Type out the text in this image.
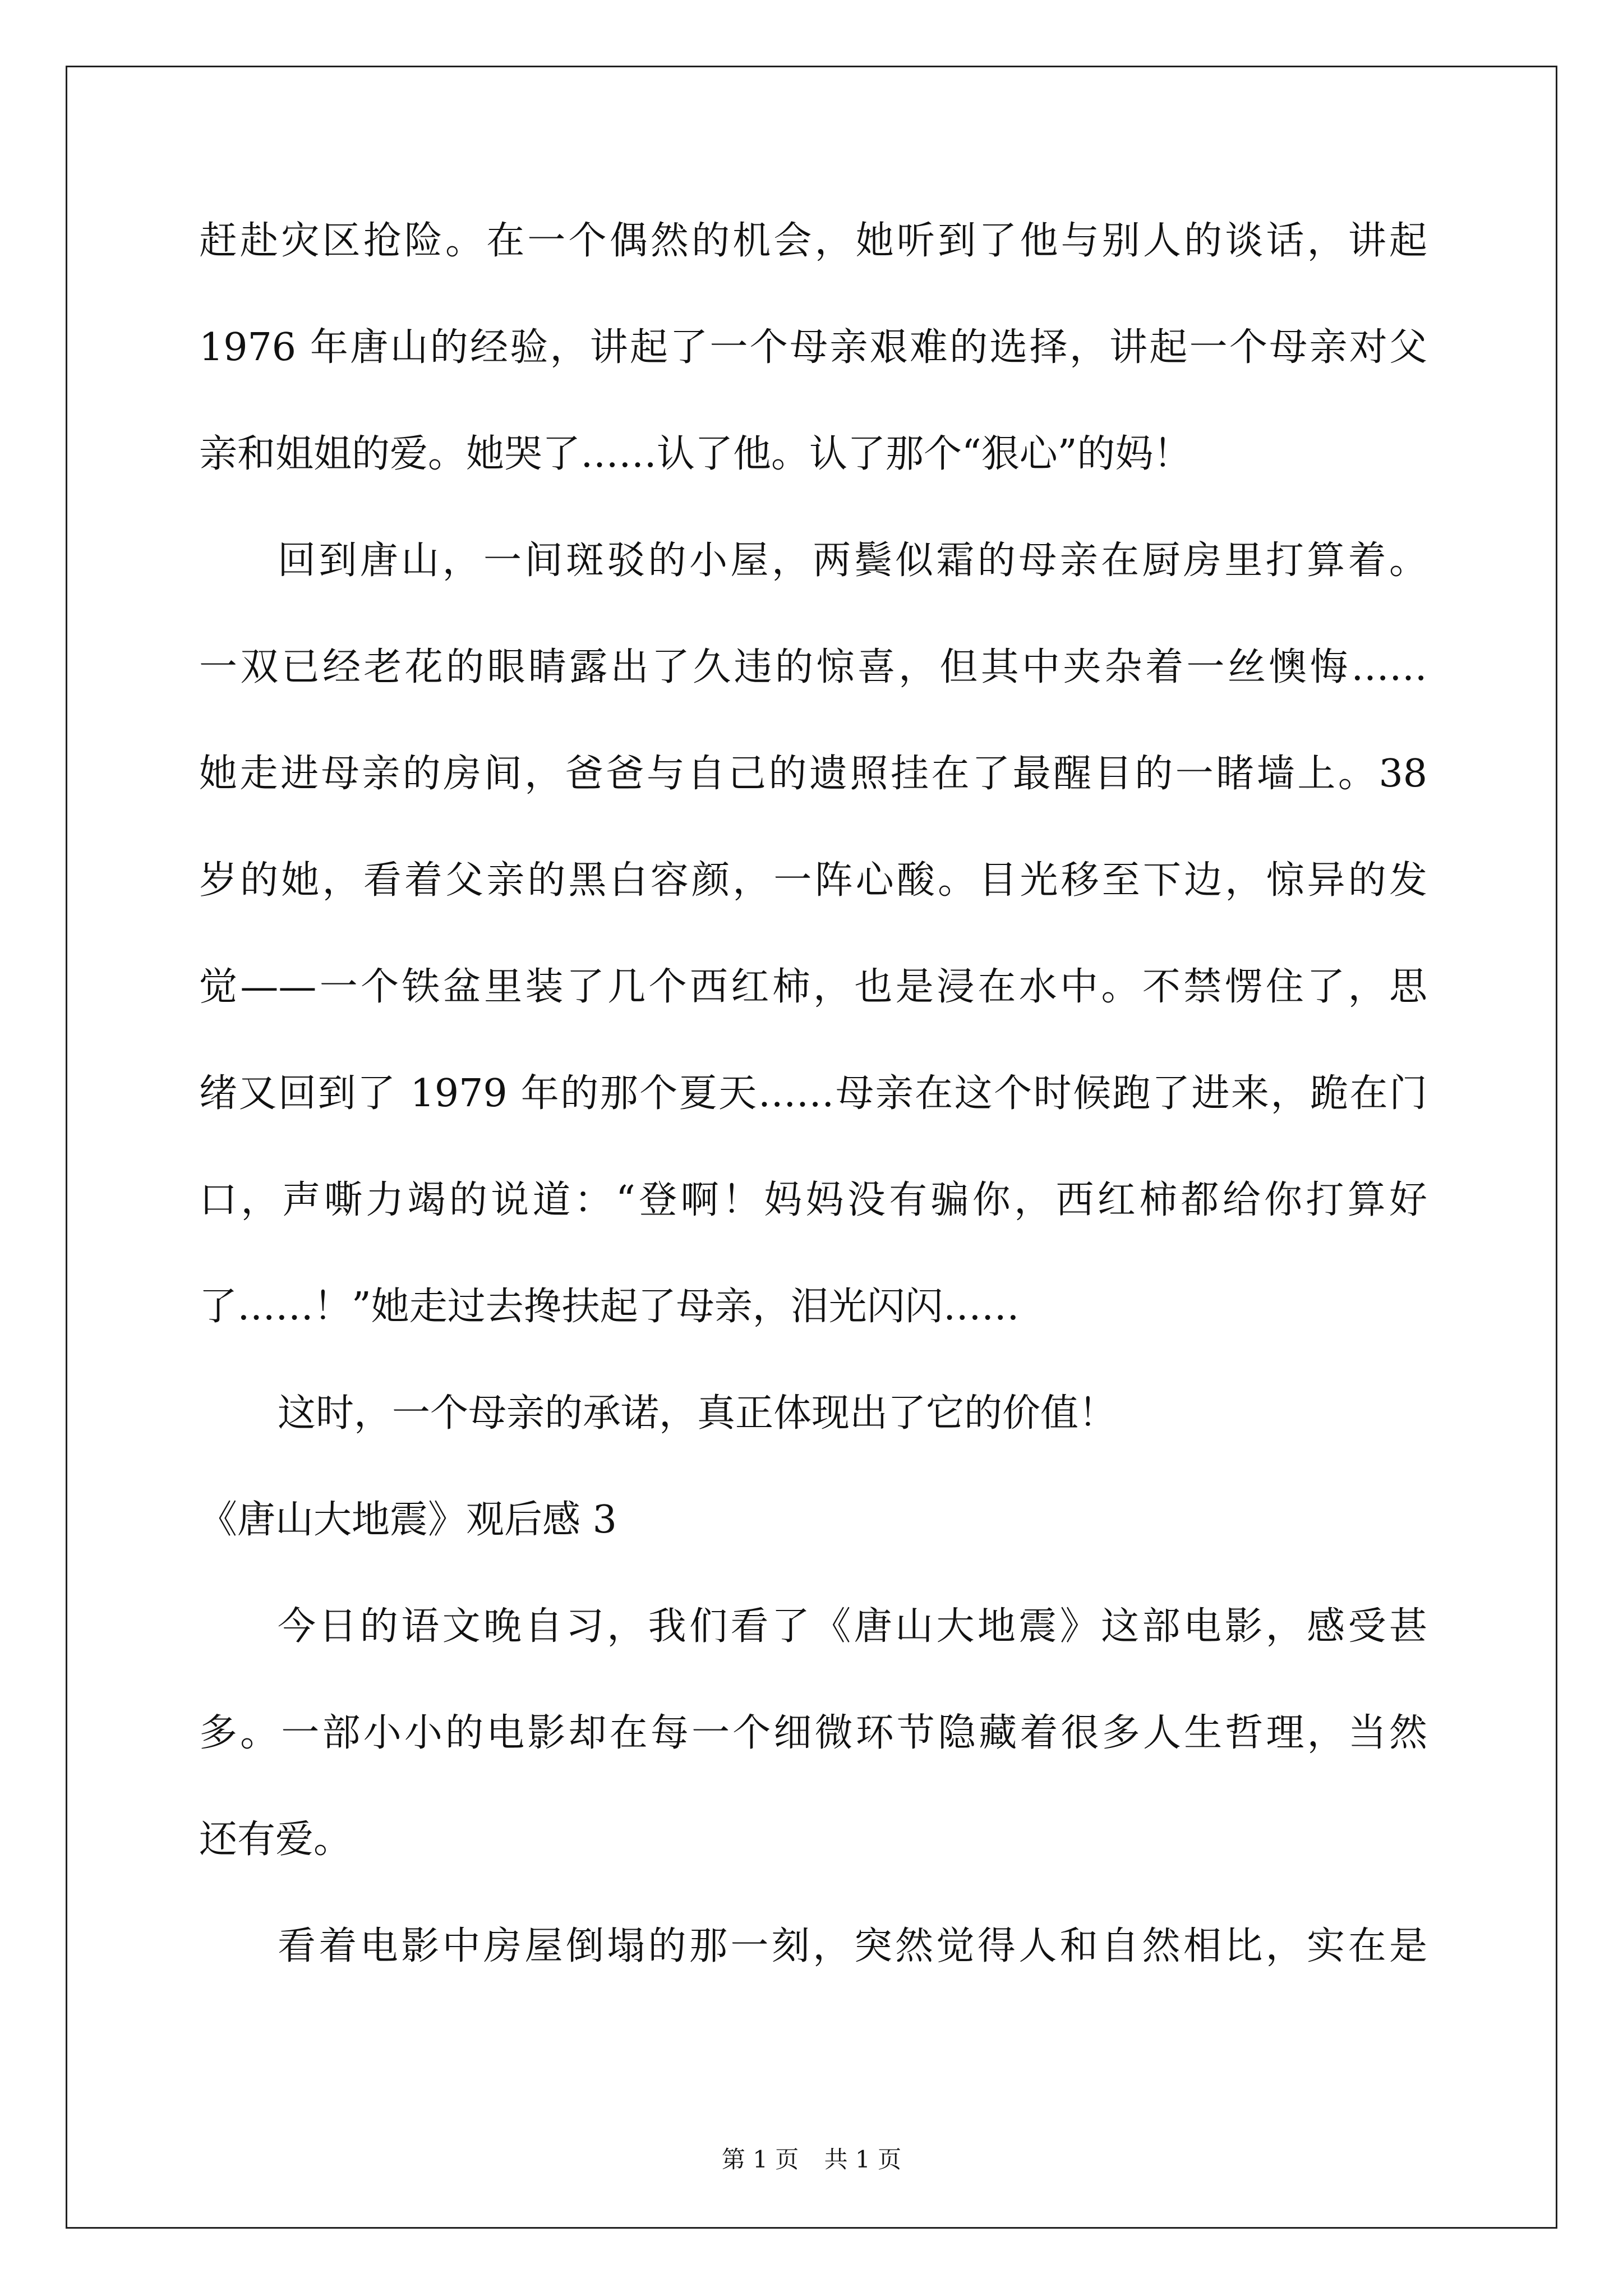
赶赴灾区抢险。在一个偶然的机会，她听到了他与别人的谈话，讲起
1976 年唐山的经验，讲起了一个母亲艰难的选择，讲起一个母亲对父
亲和姐姐的爱。她哭了……认了他。认了那个“狠心”的妈！
回到唐山，一间斑驳的小屋，两鬓似霜的母亲在厨房里打算着。
一双已经老花的眼睛露出了久违的惊喜，但其中夹杂着一丝懊悔……
她走进母亲的房间，爸爸与自己的遗照挂在了最醒目的一睹墙上。38
岁的她，看着父亲的黑白容颜，一阵心酸。目光移至下边，惊异的发
觉——一个铁盆里装了几个西红柿，也是浸在水中。不禁愣住了，思
绪又回到了 1979 年的那个夏天……母亲在这个时候跑了进来，跪在门
口，声嘶力竭的说道：“登啊！妈妈没有骗你，西红柿都给你打算好
了……！”她走过去搀扶起了母亲，泪光闪闪……
这时，一个母亲的承诺，真正体现出了它的价值！
《唐山大地震》观后感 3
今日的语文晚自习，我们看了《唐山大地震》这部电影，感受甚
多。一部小小的电影却在每一个细微环节隐藏着很多人生哲理，当然
还有爱。
看着电影中房屋倒塌的那一刻，突然觉得人和自然相比，实在是
第 1 页 共 1 页
